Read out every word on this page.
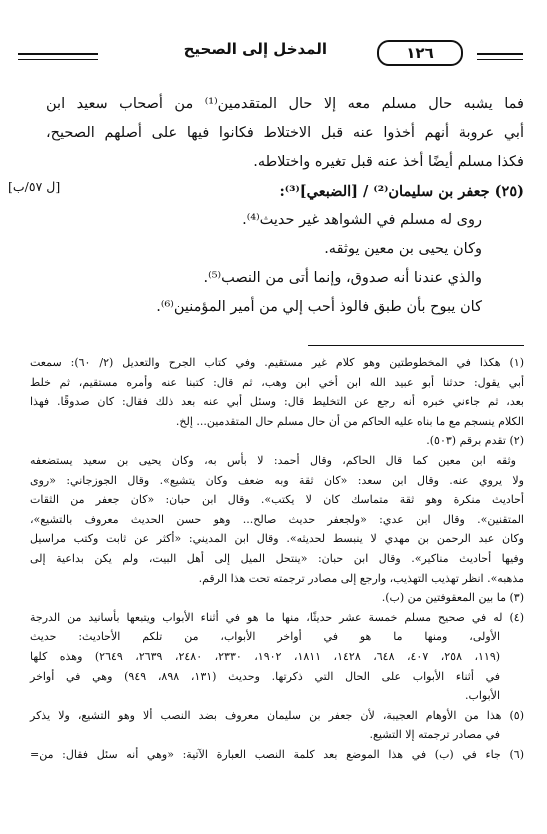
١٢٦
المدخل إلى الصحيح
[ل ٥٧/ب]
فما يشبه حال مسلم معه إلا حال المتقدمين⁽¹⁾ من أصحاب سعيد ابن
أبي عروبة أنهم أخذوا عنه قبل الاختلاط فكانوا فيها على أصلهم الصحيح،
فكذا مسلم أيضًا أخذ عنه قبل تغيره واختلاطه.
(٢٥) جعفر بن سليمان⁽²⁾ / [الضبعي]⁽³⁾:
روى له مسلم في الشواهد غير حديث⁽⁴⁾.
وكان يحيى بن معين يوثقه.
والذي عندنا أنه صدوق، وإنما أتى من النصب⁽⁵⁾.
كان يبوح بأن طبق فالوذ أحب إلي من أمير المؤمنين⁽⁶⁾.
(١) هكذا في المخطوطتين وهو كلام غير مستقيم. وفي كتاب الجرح والتعديل (٢/ ٦٠): سمعت
أبي يقول: حدثنا أبو عبيد الله ابن أخي ابن وهب، ثم قال: كتبنا عنه وأمره مستقيم، ثم خلط
بعد، ثم جاءني خبره أنه رجع عن التخليط قال: وسئل أبي عنه بعد ذلك فقال: كان صدوقًا. فهذا
الكلام ينسجم مع ما بناه عليه الحاكم من أن حال مسلم حال المتقدمين... إلخ.
(٢) تقدم برقم (٥٠٣).
وثقه ابن معين كما قال الحاكم، وقال أحمد: لا بأس به، وكان يحيى بن سعيد يستضعفه
ولا يروي عنه. وقال ابن سعد: «كان ثقة وبه ضعف وكان يتشيع». وقال الجوزجاني: «روى
أحاديث منكرة وهو ثقة متماسك كان لا يكتب». وقال ابن حبان: «كان جعفر من الثقات
المتقنين». وقال ابن عدي: «ولجعفر حديث صالح... وهو حسن الحديث معروف بالتشيع»،
وكان عبد الرحمن بن مهدي لا ينبسط لحديثه». وقال ابن المديني: «أكثر عن ثابت وكتب مراسيل
وفيها أحاديث مناكير». وقال ابن حبان: «ينتحل الميل إلى أهل البيت، ولم يكن بداعية إلى
مذهبه». انظر تهذيب التهذيب، وارجع إلى مصادر ترجمته تحت هذا الرقم.
(٣) ما بين المعقوفتين من (ب).
(٤) له في صحيح مسلم خمسة عشر حديثًا، منها ما هو في أثناء الأبواب ويتبعها بأسانيد من الدرجة
الأولى، ومنها ما هو في أواخر الأبواب، من تلكم الأحاديث: حديث
(١١٩، ٢٥٨، ٤٠٧، ٦٤٨، ١٤٢٨، ١٨١١، ١٩٠٢، ٢٣٣٠، ٢٤٨٠، ٢٦٣٩، ٢٦٤٩) وهذه كلها
في أثناء الأبواب على الحال التي ذكرتها. وحديث (١٣١، ٨٩٨، ٩٤٩) وهي في أواخر
الأبواب.
(٥) هذا من الأوهام العجيبة، لأن جعفر بن سليمان معروف بضد النصب ألا وهو التشيع، ولا يذكر
في مصادر ترجمته إلا التشيع.
(٦) جاء في (ب) في هذا الموضع بعد كلمة النصب العبارة الآتية: «وهي أنه سئل فقال: من=
